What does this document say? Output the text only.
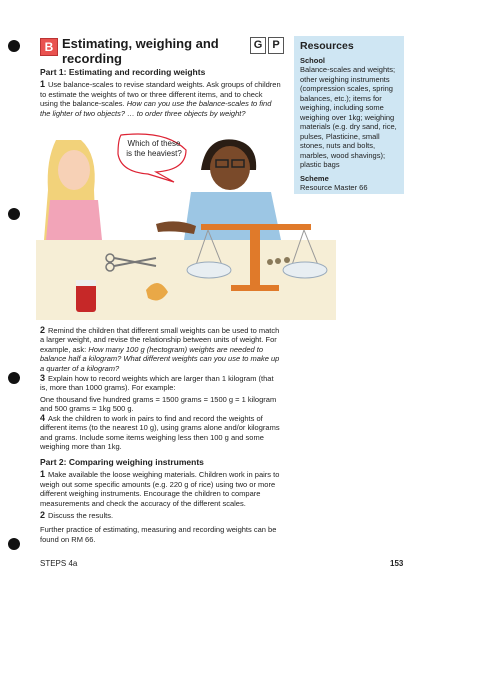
B Estimating, weighing and recording
G P	Resources
School
Balance-scales and weights; other weighing instruments (compression scales, spring balances, etc.); items for weighing, including some weighing over 1kg; weighing materials (e.g. dry sand, rice, pulses, Plasticine, small stones, nuts and bolts, marbles, wood shavings); plastic bags
Scheme
Resource Master 66
Part 1: Estimating and recording weights
1 Use balance-scales to revise standard weights. Ask groups of children to estimate the weights of two or three different items, and to check using the balance-scales. How can you use the balance-scales to find the lighter of two objects? … to order three objects by weight?
Which of these is the heaviest?
2 Remind the children that different small weights can be used to match a larger weight, and revise the relationship between units of weight. For example, ask: How many 100 g (hectogram) weights are needed to balance half a kilogram? What different weights can you use to make up a quarter of a kilogram?
3 Explain how to record weights which are larger than 1 kilogram (that is, more than 1000 grams). For example:
One thousand five hundred grams = 1500 grams = 1500 g = 1 kilogram and 500 grams = 1kg 500 g.
4 Ask the children to work in pairs to find and record the weights of different items (to the nearest 10 g), using grams alone and/or kilograms and grams. Include some items weighing less then 100 g and some weighing more than 1kg.
Part 2: Comparing weighing instruments
1 Make available the loose weighing materials. Children work in pairs to weigh out some specific amounts (e.g. 220 g of rice) using two or more different weighing instruments. Encourage the children to compare measurements and check the accuracy of the different scales.
2 Discuss the results.
Further practice of estimating, measuring and recording weights can be found on RM 66.
STEPS 4a	153
